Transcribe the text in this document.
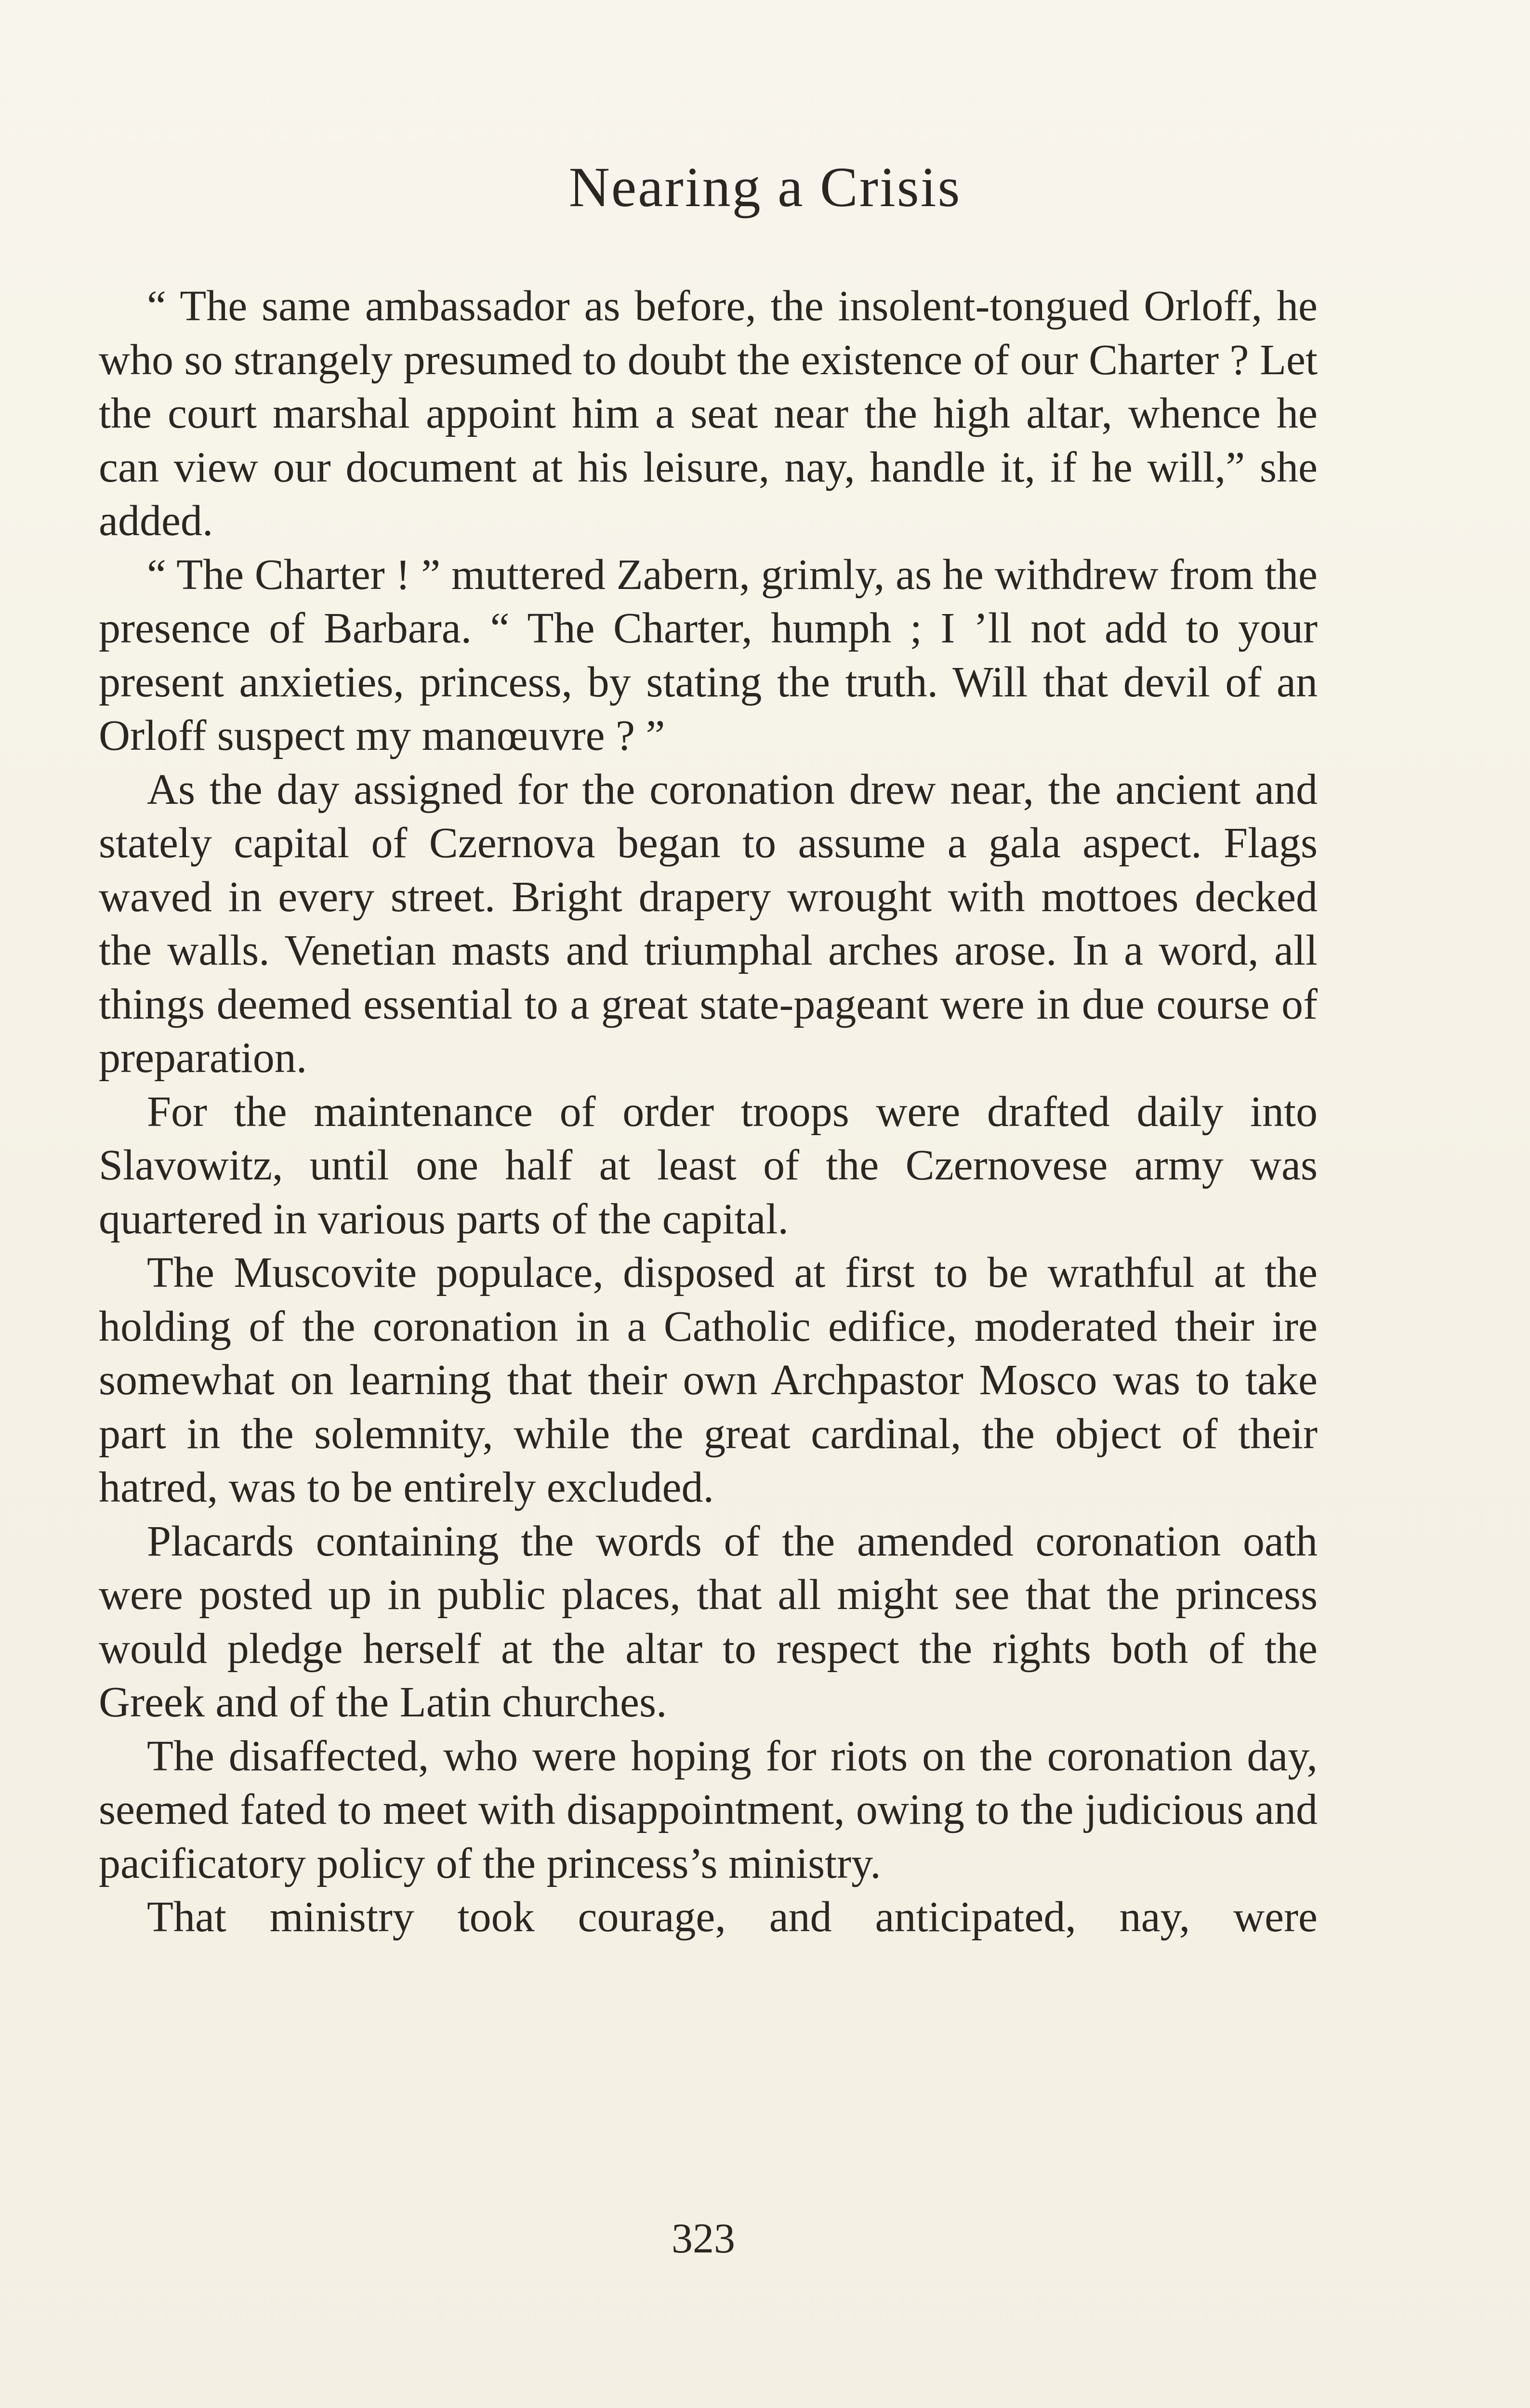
Nearing a Crisis

“ The same ambassador as before, the insolent-tongued Orloff, he who so strangely presumed to doubt the existence of our Charter ? Let the court marshal appoint him a seat near the high altar, whence he can view our document at his leisure, nay, handle it, if he will,” she added.

“ The Charter ! ” muttered Zabern, grimly, as he withdrew from the presence of Barbara. “ The Charter, humph ; I ’ll not add to your present anxieties, princess, by stating the truth. Will that devil of an Orloff suspect my manœuvre ? ”

As the day assigned for the coronation drew near, the ancient and stately capital of Czernova began to assume a gala aspect. Flags waved in every street. Bright drapery wrought with mottoes decked the walls. Venetian masts and triumphal arches arose. In a word, all things deemed essential to a great state-pageant were in due course of preparation.

For the maintenance of order troops were drafted daily into Slavowitz, until one half at least of the Czernovese army was quartered in various parts of the capital.

The Muscovite populace, disposed at first to be wrathful at the holding of the coronation in a Catholic edifice, moderated their ire somewhat on learning that their own Archpastor Mosco was to take part in the solemnity, while the great cardinal, the object of their hatred, was to be entirely excluded.

Placards containing the words of the amended coronation oath were posted up in public places, that all might see that the princess would pledge herself at the altar to respect the rights both of the Greek and of the Latin churches.

The disaffected, who were hoping for riots on the coronation day, seemed fated to meet with disappointment, owing to the judicious and pacificatory policy of the princess’s ministry.

That ministry took courage, and anticipated, nay, were

323
